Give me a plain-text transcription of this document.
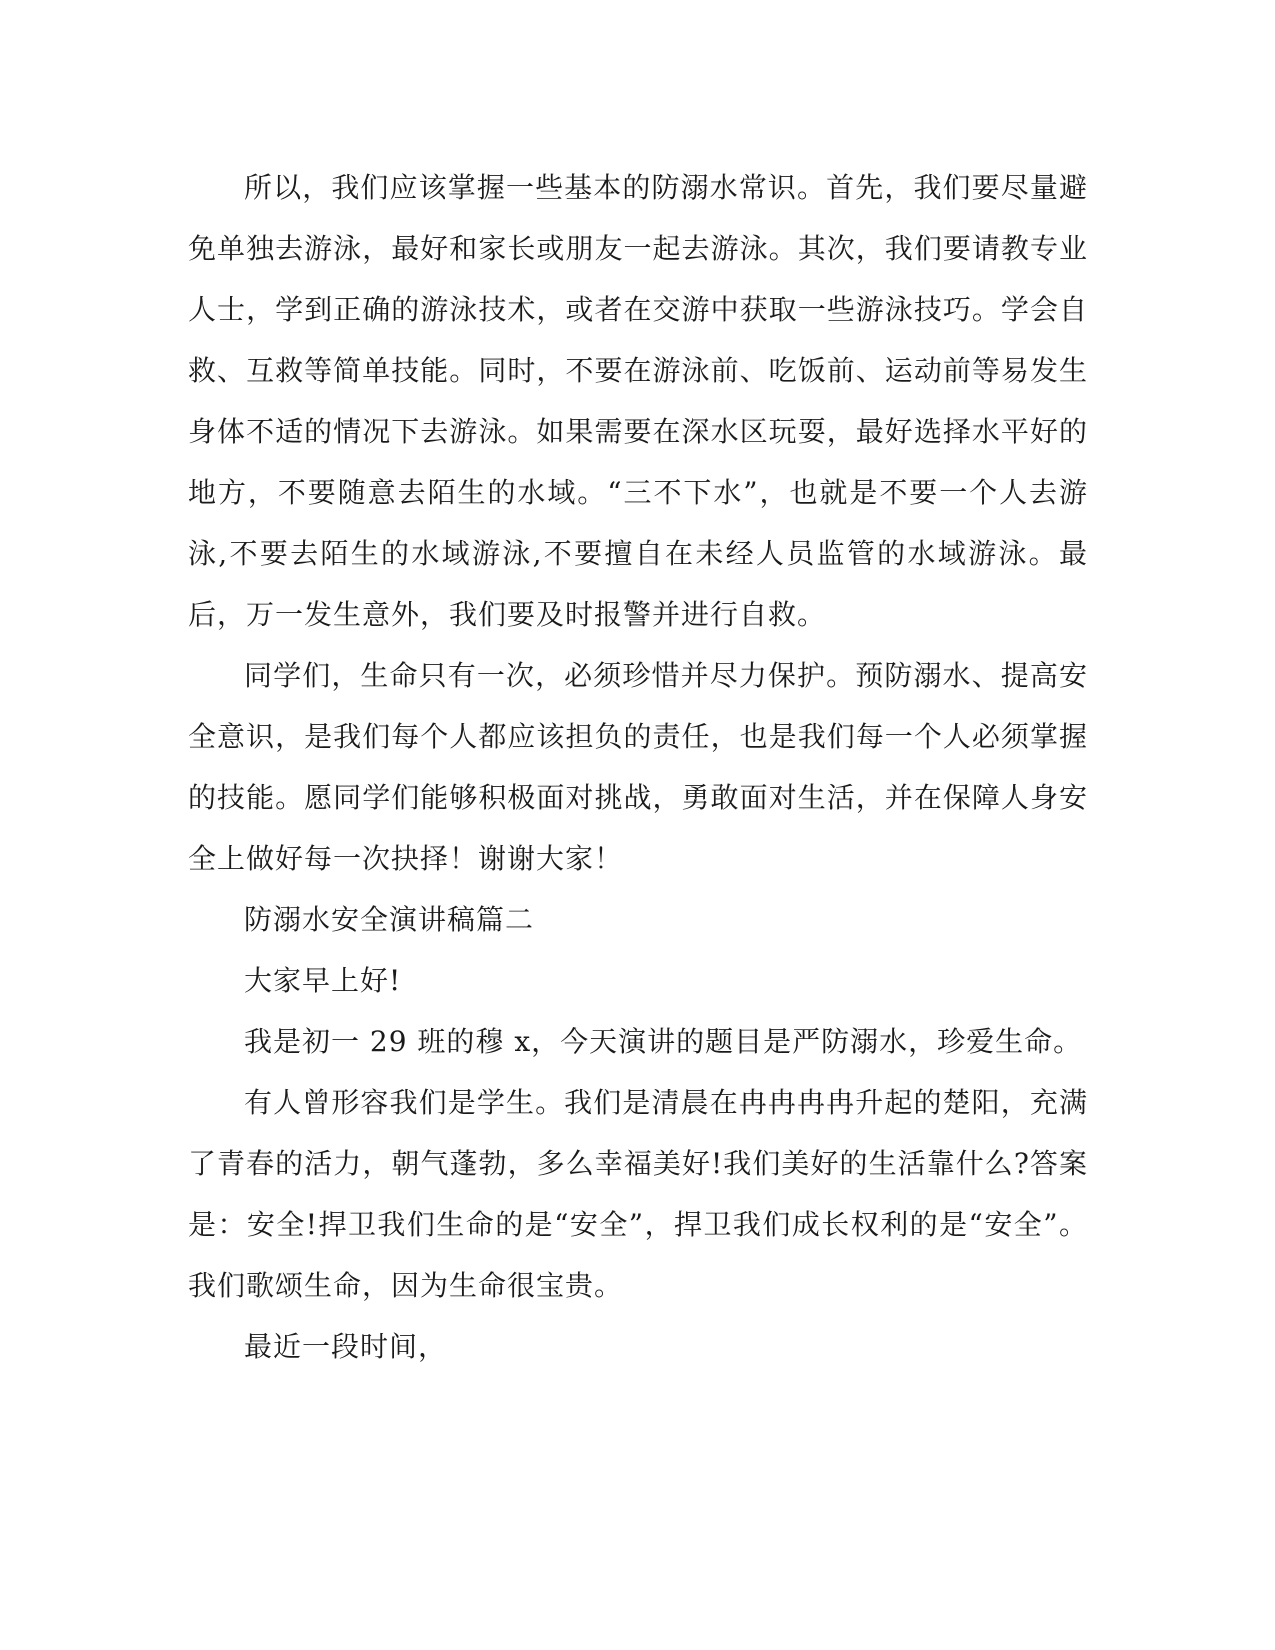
所以，我们应该掌握一些基本的防溺水常识。首先，我们要尽量避免单独去游泳，最好和家长或朋友一起去游泳。其次，我们要请教专业人士，学到正确的游泳技术，或者在交游中获取一些游泳技巧。学会自救、互救等简单技能。同时，不要在游泳前、吃饭前、运动前等易发生身体不适的情况下去游泳。如果需要在深水区玩耍，最好选择水平好的地方，不要随意去陌生的水域。“三不下水”，也就是不要一个人去游泳,不要去陌生的水域游泳,不要擅自在未经人员监管的水域游泳。最后，万一发生意外，我们要及时报警并进行自救。

同学们，生命只有一次，必须珍惜并尽力保护。预防溺水、提高安全意识，是我们每个人都应该担负的责任，也是我们每一个人必须掌握的技能。愿同学们能够积极面对挑战，勇敢面对生活，并在保障人身安全上做好每一次抉择！谢谢大家！

防溺水安全演讲稿篇二

大家早上好!

我是初一 29 班的穆 x，今天演讲的题目是严防溺水，珍爱生命。

有人曾形容我们是学生。我们是清晨在冉冉冉冉升起的楚阳，充满了青春的活力，朝气蓬勃，多么幸福美好!我们美好的生活靠什么?答案是：安全!捍卫我们生命的是“安全”，捍卫我们成长权利的是“安全”。我们歌颂生命，因为生命很宝贵。

最近一段时间，
